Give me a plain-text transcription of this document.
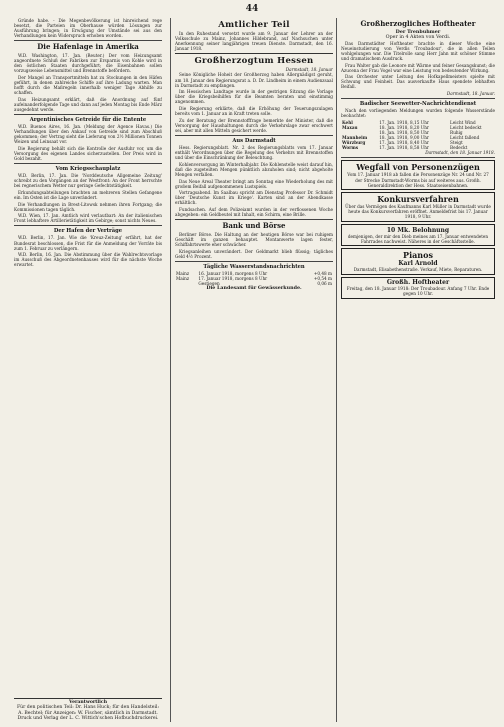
44

Gründe habe. - Die Megenbevölkerung ist hinreichend rege besetzt, die Parteien im Oberhause würden Lösungen zur Ausführung bringen; in Erwägung der Umstände sei aus den Verhandlungen kein Widerspruch erhoben worden.

Die Hafenlage in Amerika

W.D. Washington, 17. Jan. (Reuter.) Der vom Heizungsamt angeordnete Schluß der Fabriken zur Ersparnis von Kohle wird in den östlichen Staaten durchgeführt; die Eisenbahnen sollen vorzugsweise Lebensmittel und Brennstoffe befördern.

Der Mangel an Transportmitteln hat zu Stockungen in den Häfen geführt, in denen zahlreiche Schiffe auf ihre Ladung warten. Man hofft durch die Maßregeln innerhalb weniger Tage Abhilfe zu schaffen.

Das Heizungsamt erklärt, daß die Anordnung auf fünf aufeinanderfolgende Tage und dann auf jeden Montag bis Ende März ausgedehnt werde.

Argentinisches Getreide für die Entente

W.D. Buenos Aires, 16. Jan. (Meldung der Agence Havas.) Die Verhandlungen über den Ankauf von Getreide sind zum Abschluß gekommen; der Vertrag sieht die Lieferung von 2½ Millionen Tonnen Weizen und Leinsaat vor.

Die Regierung behält sich die Kontrolle der Ausfuhr vor, um die Versorgung des eigenen Landes sicherzustellen. Der Preis wird in Gold bezahlt.

Vom Kriegsschauplatz

W.D. Berlin, 17. Jan. Die 'Norddeutsche Allgemeine Zeitung' schreibt zu den Vorgängen an der Westfront: An der Front herrschte bei regnerischem Wetter nur geringe Gefechtstätigkeit.

Erkundungsabteilungen brachten an mehreren Stellen Gefangene ein. Im Osten ist die Lage unverändert.

Die Verhandlungen in Brest-Litowsk nehmen ihren Fortgang; die Kommissionen tagen täglich.

W.D. Wien, 17. Jan. Amtlich wird verlautbart: An der italienischen Front lebhaftere Artillerietätigkeit im Gebirge; sonst nichts Neues.

Der Hafen der Verträge

W.D. Berlin, 17. Jan. Wie die 'Kreuz-Zeitung' erfährt, hat der Bundesrat beschlossen, die Frist für die Anmeldung der Vorräte bis zum 1. Februar zu verlängern.

W.D. Berlin, 16. Jan. Die Abstimmung über die Wahlrechtsvorlage im Ausschuß des Abgeordnetenhauses wird für die nächste Woche erwartet.

Verantwortlich
Für den politischen Teil: Dr. Hans Huck; für den Handelsteil: A. Bechtel; für Anzeigen: W. Fischer, sämtlich in Darmstadt. Druck und Verlag der L. C. Wittich'schen Hofbuchdruckerei.
Amtlicher Teil

In den Ruhestand versetzt wurde am 9. Januar der Lehrer an der Volksschule zu Mainz, Johannes Hildebrand, auf Nachsuchen unter Anerkennung seiner langjährigen treuen Dienste. Darmstadt, den 16. Januar 1918.

Großherzogtum Hessen
Darmstadt, 18. Januar

Seine Königliche Hoheit der Großherzog haben Allergnädigst geruht, am 18. Januar den Regierungsrat a. D. Dr. Lindheim in einem Audienzsaal in Darmstadt zu empfangen.

Im Hessischen Landtage wurde in der gestrigen Sitzung die Vorlage über die Kriegsbeihilfen für die Beamten beraten und einstimmig angenommen.

Die Regierung erklärte, daß die Erhöhung der Teuerungszulagen bereits vom 1. Januar an in Kraft treten solle.

Zu der Beratung der Brennstofffrage bemerkte der Minister, daß die Versorgung der Haushaltungen durch die Verkehrslage zwar erschwert sei, aber mit allen Mitteln gesichert werde.

Aus Darmstadt

Hess. Regierungsblatt. Nr. 2 des Regierungsblatts vom 17. Januar enthält Verordnungen über die Regelung des Verkehrs mit Brennstoffen und über die Einschränkung der Beleuchtung.

Kohlenversorgung im Winterhalbjahr. Die Kohlenstelle weist darauf hin, daß die zugeteilten Mengen pünktlich abzuholen sind; nicht abgeholte Mengen verfallen.

Das Neue Areal Theater bringt am Sonntag eine Wiederholung des mit großem Beifall aufgenommenen Lustspiels.

Vortragsabend. Im Saalbau spricht am Dienstag Professor Dr. Schmidt über 'Deutsche Kunst im Kriege'. Karten sind an der Abendkasse erhältlich.

Fundsachen. Auf dem Polizeiamt wurden in der verflossenen Woche abgegeben: ein Geldbeutel mit Inhalt, ein Schirm, eine Brille.

Bank und Börse

Berliner Börse. Die Haltung an der heutigen Börse war bei ruhigem Geschäft im ganzen behauptet. Montanwerte lagen fester, Schiffahrtswerte eher schwächer.

Kriegsanleihen unverändert. Der Geldmarkt blieb flüssig; tägliches Geld 4½ Prozent.

Tägliche Wasserstandsnachrichten
Mainz	16. Januar 1918, morgens 8 Uhr	+0,48 m
Mainz	17. Januar 1918, morgens 8 Uhr	+0,54 m
	Gestiegen	0,06 m
Die Landesamt für Gewässerkunde.
Großherzogliches Hoftheater
Der Trenbuhmer
Oper in 4 Akten von Verdi.

Das Darmstädter Hoftheater brachte in dieser Woche eine Neueinstudierung von Verdis 'Troubadour', die in allen Teilen wohlgelungen war. Die Titelrolle sang Herr Jahn mit schöner Stimme und dramatischem Ausdruck.

Frau Walter gab die Leonore mit Wärme und feiner Gesangskunst; die Azucena der Frau Vogel war eine Leistung von bedeutender Wirkung.

Das Orchester unter Leitung des Hofkapellmeisters spielte mit Schwung und Feinheit. Das ausverkaufte Haus spendete lebhaften Beifall.

Darmstadt, 18. Januar.
Badischer Seewetter-Nachrichtendienst

Nach den vorliegenden Meldungen wurden folgende Wasserstände beobachtet:

Kehl	17. Jan. 1918, 8,15 Uhr	Leicht Wind
Maxau	18. Jan. 1918, 8,20 Uhr	Leicht bedeckt
	18. Jan. 1918, 8,50 Uhr	Ruhig
Mannheim	18. Jan. 1918, 9,00 Uhr	Leicht fallend
Würzburg	17. Jan. 1918, 8,40 Uhr	Steigt
Worms	17. Jan. 1918, 8,58 Uhr	Bedeckt
Darmstadt, den 18. Januar 1918.
Wegfall von Personenzügen
Vom 17. Januar 1918 ab fallen die Personenzüge Nr. 24 und Nr. 27 der Strecke Darmstadt-Worms bis auf weiteres aus. Großh. Generaldirektion der Hess. Staatseisenbahnen.
Konkursverfahren
Über das Vermögen des Kaufmanns Karl Müller in Darmstadt wurde heute das Konkursverfahren eröffnet. Anmeldefrist bis 17. Januar 1918, 9 Uhr.
10 Mk. Belohnung
demjenigen, der mir den Dieb meines am 17. Januar entwendeten Fahrrades nachweist. Näheres in der Geschäftsstelle.
Pianos
Karl Arnold
Darmstadt, Elisabethenstraße. Verkauf, Miete, Reparaturen.
Großh. Hoftheater
Freitag, den 18. Januar 1918: Der Troubadour. Anfang 7 Uhr. Ende gegen 10 Uhr.
